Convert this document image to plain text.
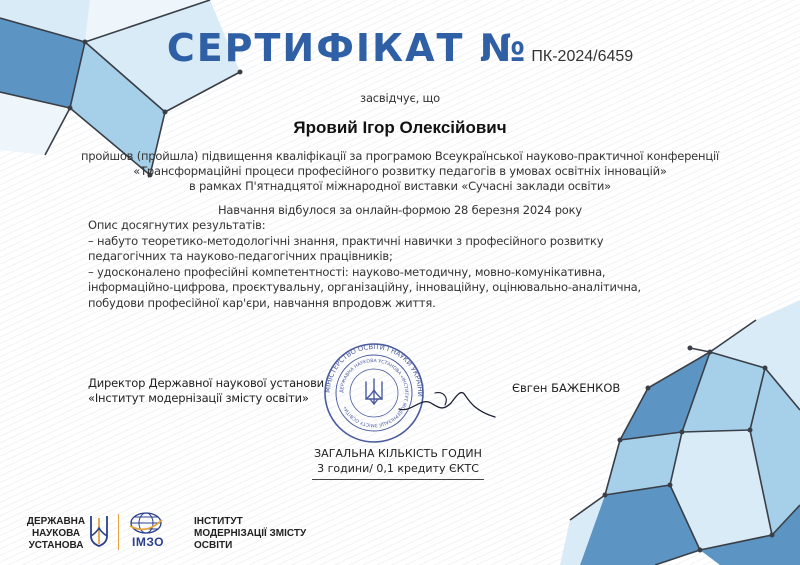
СЕРТИФІКАТ № ПК-2024/6459
засвідчує, що
Яровий Ігор Олексійович
пройшов (пройшла) підвищення кваліфікації за програмою Всеукраїнської науково-практичної конференції
«Трансформаційні процеси професійного розвитку педагогів в умовах освітніх інновацій»
в рамках П'ятнадцятої міжнародної виставки «Сучасні заклади освіти»
Навчання відбулося за онлайн-формою 28 березня 2024 року
Опис досягнутих результатів:
– набуто теоретико-методологічні знання, практичні навички з професійного розвитку
педагогічних та науково-педагогічних працівників;
– удосконалено професійні компетентності: науково-методичну, мовно-комунікативна,
інформаційно-цифрова, проєктувальну, організаційну, інноваційну, оцінювально-аналітична,
побудови професійної кар'єри, навчання впродовж життя.
Директор Державної наукової установи
«Інститут модернізації змісту освіти»
МІНІСТЕРСТВО ОСВІТИ І НАУКИ УКРАЇНИ
ДЕРЖАВНА НАУКОВА УСТАНОВА «ІНСТИТУТ МОДЕРНІЗАЦІЇ ЗМІСТУ ОСВІТИ»
Євген БАЖЕНКОВ
ЗАГАЛЬНА КІЛЬКІСТЬ ГОДИН
3 години/ 0,1 кредиту ЄКТС
ДЕРЖАВНА
НАУКОВА
УСТАНОВА	ІМЗО
ІНСТИТУТ
МОДЕРНІЗАЦІЇ ЗМІСТУ
ОСВІТИ
